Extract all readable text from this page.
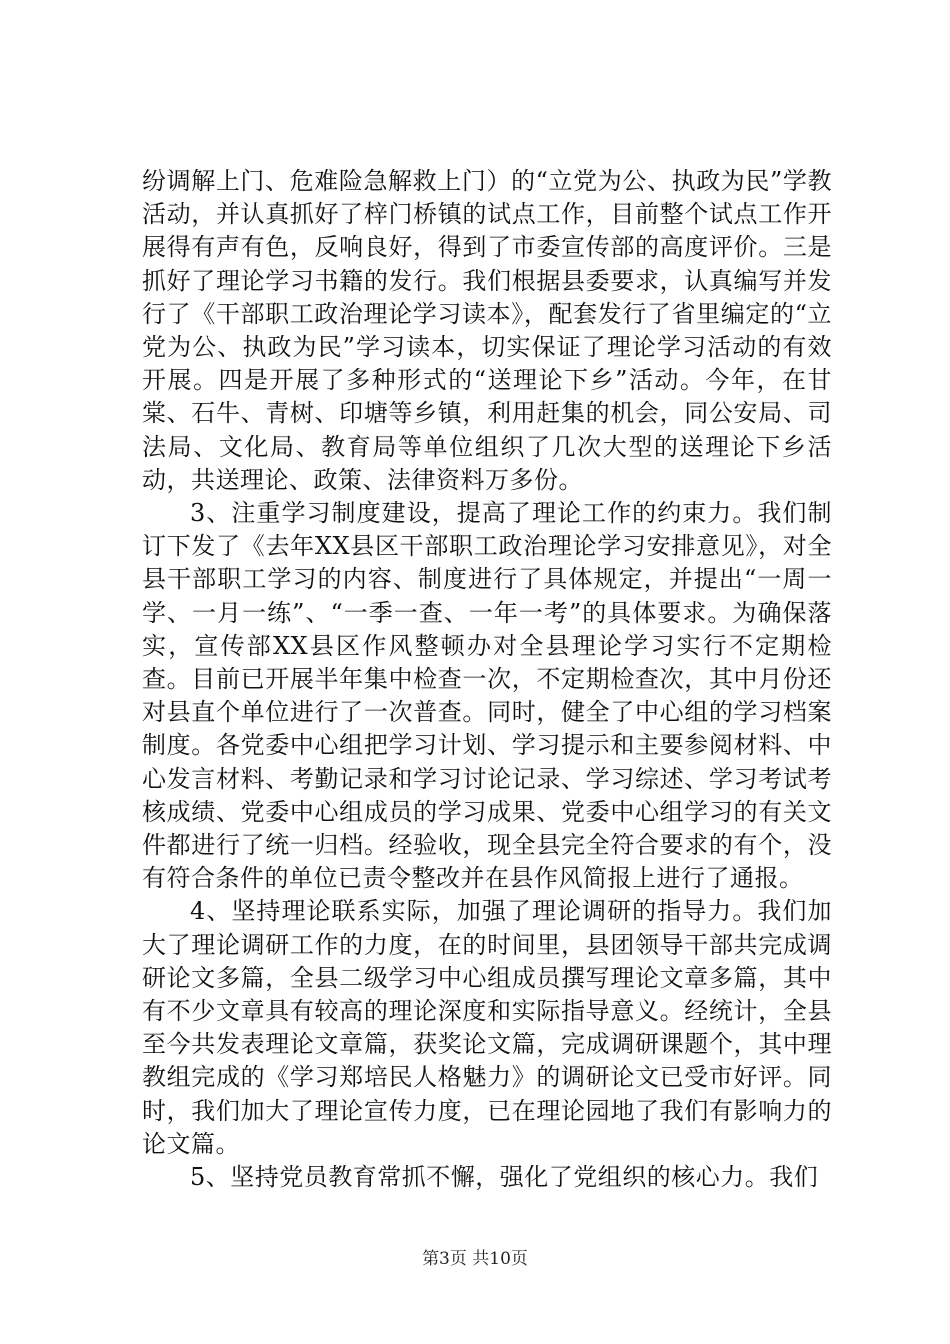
纷调解上门、危难险急解救上门）的“立党为公、执政为民”学教活动，并认真抓好了梓门桥镇的试点工作，目前整个试点工作开展得有声有色，反响良好，得到了市委宣传部的高度评价。三是抓好了理论学习书籍的发行。我们根据县委要求，认真编写并发行了《干部职工政治理论学习读本》，配套发行了省里编定的“立党为公、执政为民”学习读本，切实保证了理论学习活动的有效开展。四是开展了多种形式的“送理论下乡”活动。今年，在甘棠、石牛、青树、印塘等乡镇，利用赶集的机会，同公安局、司法局、文化局、教育局等单位组织了几次大型的送理论下乡活动，共送理论、政策、法律资料万多份。

3、注重学习制度建设，提高了理论工作的约束力。我们制订下发了《去年XX县区干部职工政治理论学习安排意见》，对全县干部职工学习的内容、制度进行了具体规定，并提出“一周一学、一月一练”、“一季一查、一年一考”的具体要求。为确保落实，宣传部XX县区作风整顿办对全县理论学习实行不定期检查。目前已开展半年集中检查一次，不定期检查次，其中月份还对县直个单位进行了一次普查。同时，健全了中心组的学习档案制度。各党委中心组把学习计划、学习提示和主要参阅材料、中心发言材料、考勤记录和学习讨论记录、学习综述、学习考试考核成绩、党委中心组成员的学习成果、党委中心组学习的有关文件都进行了统一归档。经验收，现全县完全符合要求的有个，没有符合条件的单位已责令整改并在县作风简报上进行了通报。

4、坚持理论联系实际，加强了理论调研的指导力。我们加大了理论调研工作的力度，在的时间里，县团领导干部共完成调研论文多篇，全县二级学习中心组成员撰写理论文章多篇，其中有不少文章具有较高的理论深度和实际指导意义。经统计，全县至今共发表理论文章篇，获奖论文篇，完成调研课题个，其中理教组完成的《学习郑培民人格魅力》的调研论文已受市好评。同时，我们加大了理论宣传力度，已在理论园地了我们有影响力的论文篇。

5、坚持党员教育常抓不懈，强化了党组织的核心力。我们

第3页 共10页
